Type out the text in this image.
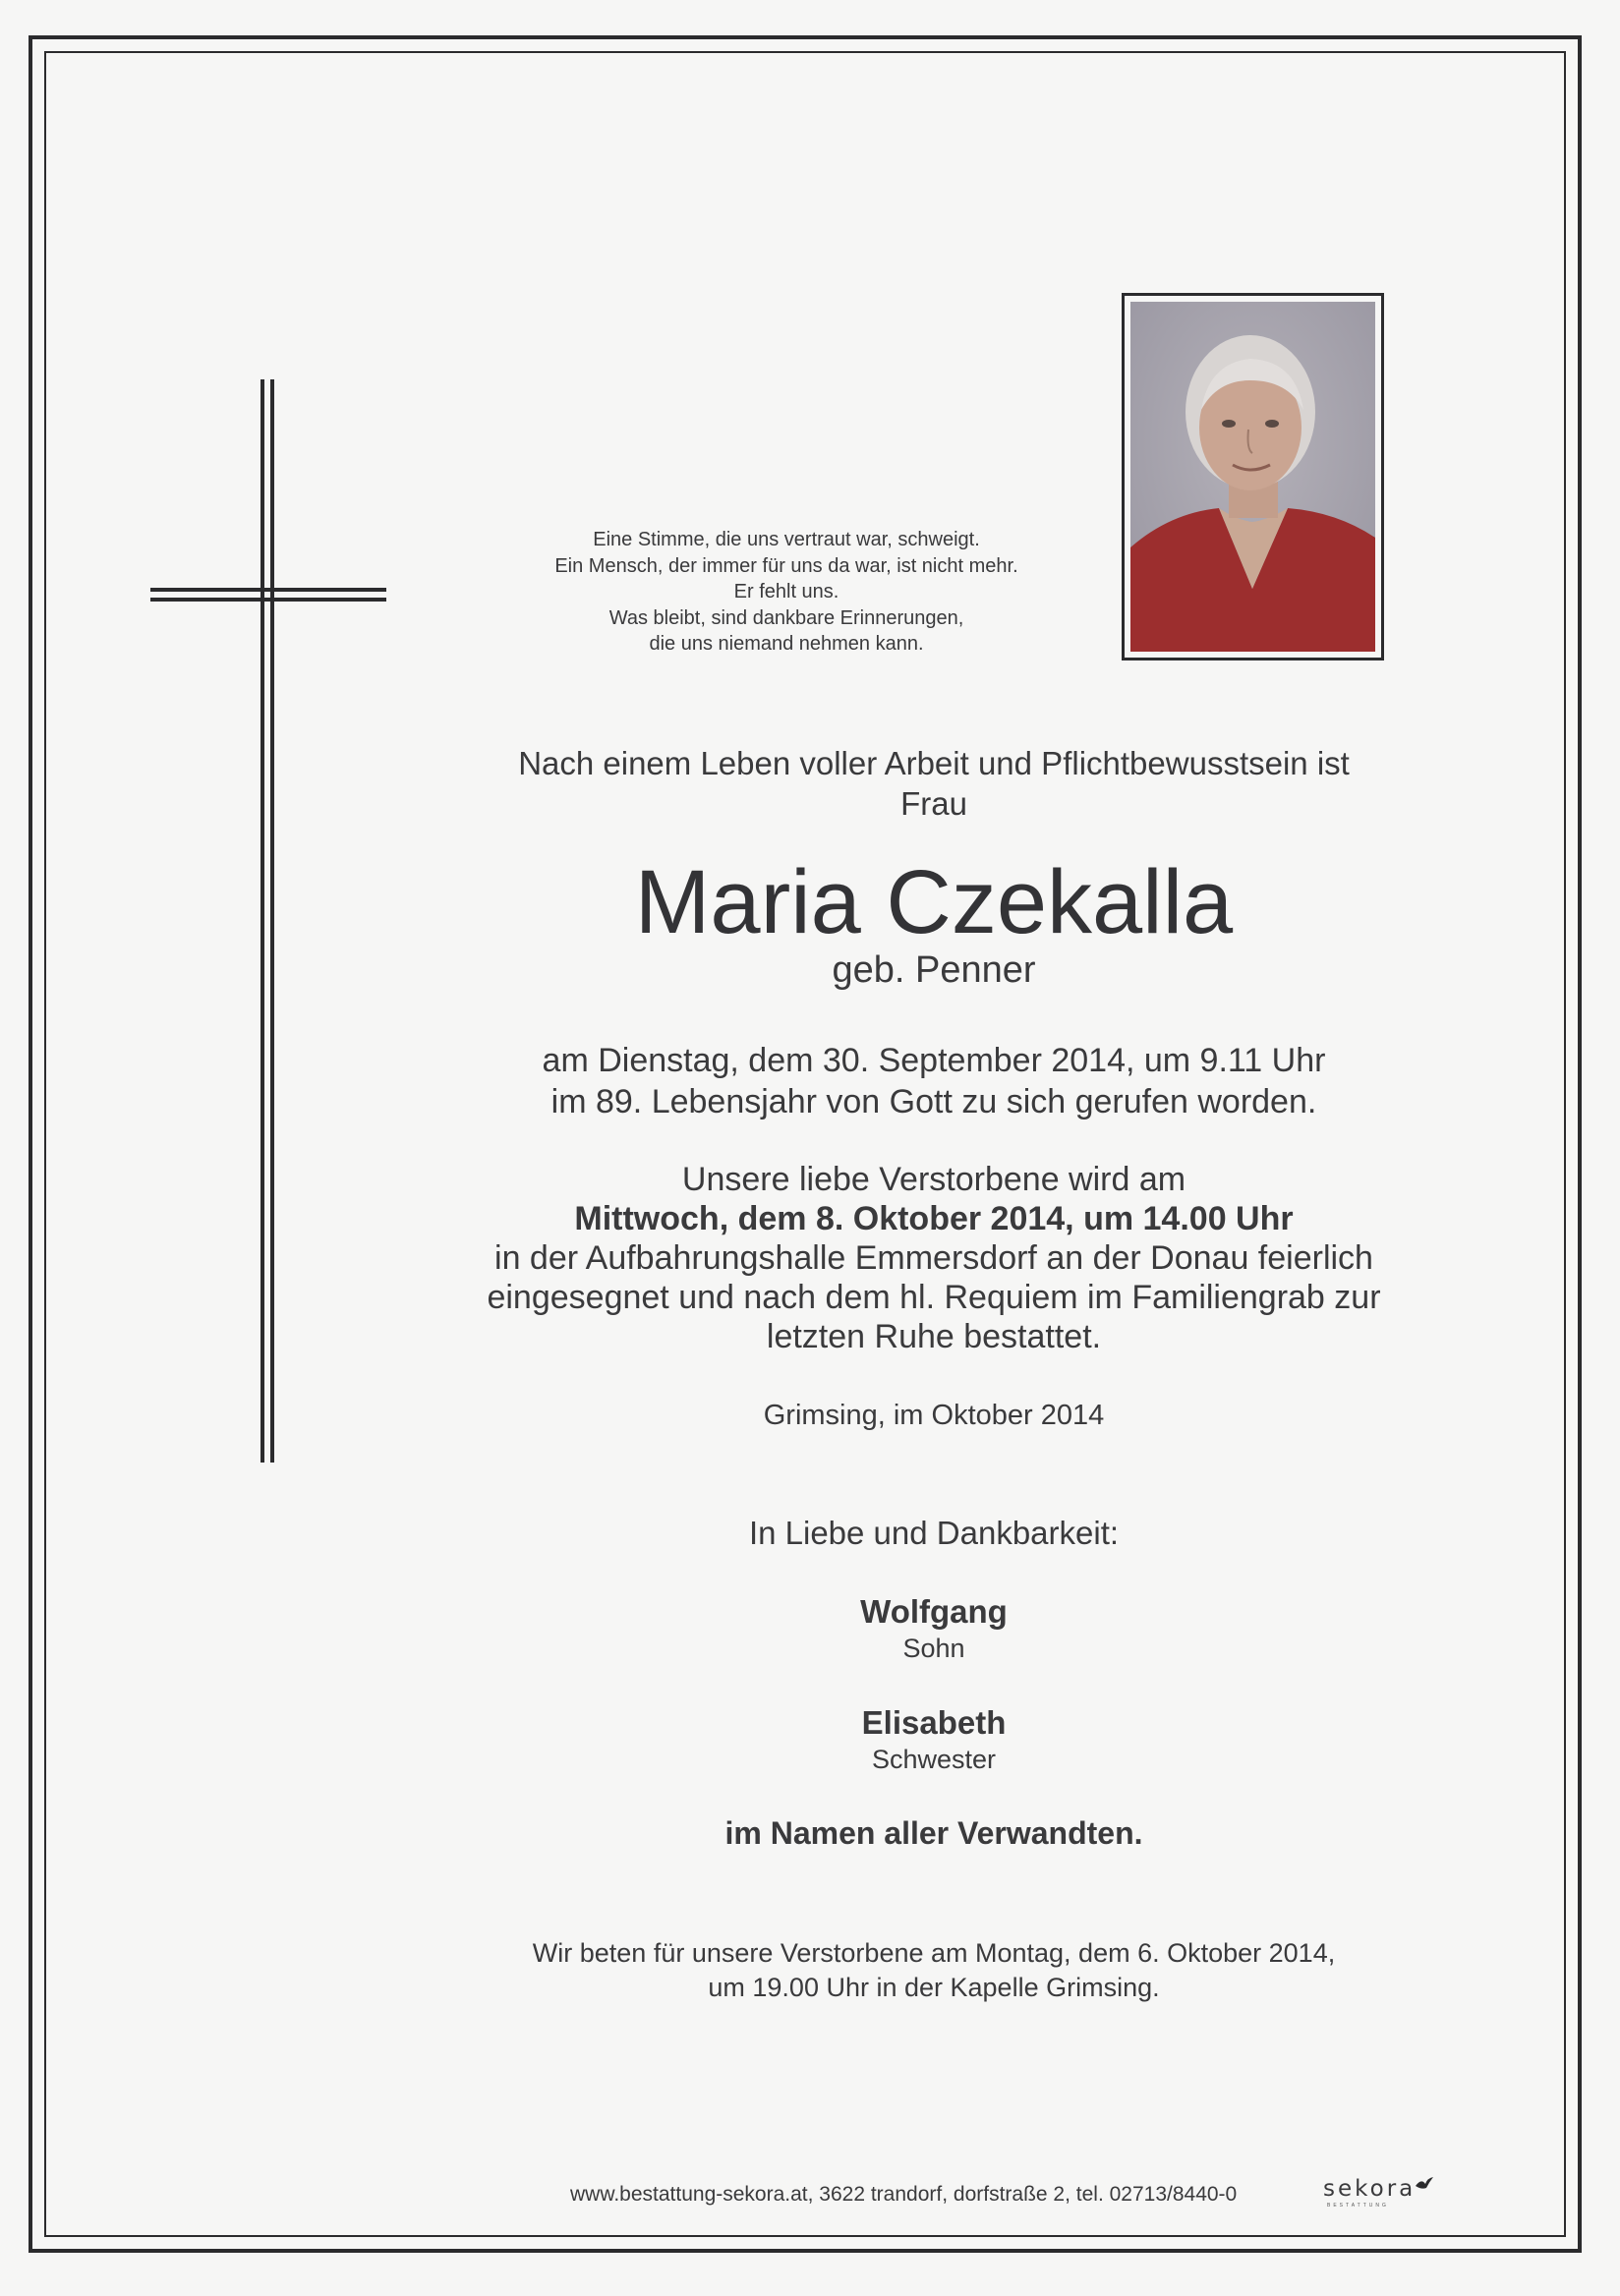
Eine Stimme, die uns vertraut war, schweigt.
Ein Mensch, der immer für uns da war, ist nicht mehr.
Er fehlt uns.
Was bleibt, sind dankbare Erinnerungen,
die uns niemand nehmen kann.
Nach einem Leben voller Arbeit und Pflichtbewusstsein ist
Frau
Maria Czekalla
geb. Penner
am Dienstag, dem 30. September 2014, um 9.11 Uhr
im 89. Lebensjahr von Gott zu sich gerufen worden.
Unsere liebe Verstorbene wird am
Mittwoch, dem 8. Oktober 2014, um 14.00 Uhr
in der Aufbahrungshalle Emmersdorf an der Donau feierlich
eingesegnet und nach dem hl. Requiem im Familiengrab zur
letzten Ruhe bestattet.
Grimsing, im Oktober 2014
In Liebe und Dankbarkeit:
Wolfgang
Sohn
Elisabeth
Schwester
im Namen aller Verwandten.
Wir beten für unsere Verstorbene am Montag, dem 6. Oktober 2014,
um 19.00 Uhr in der Kapelle Grimsing.
www.bestattung-sekora.at, 3622 trandorf, dorfstraße 2, tel. 02713/8440-0	sekora
BESTATTUNG
